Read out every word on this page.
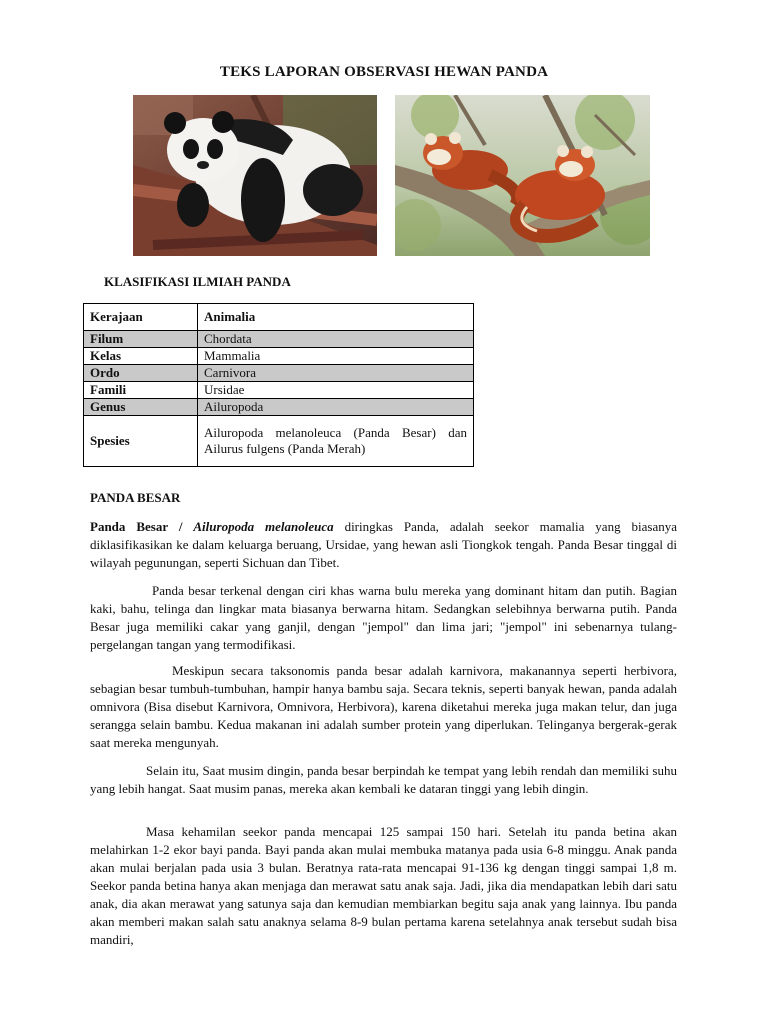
TEKS LAPORAN OBSERVASI HEWAN PANDA
KLASIFIKASI ILMIAH PANDA
Kerajaan	Animalia
Filum	Chordata
Kelas	Mammalia
Ordo	Carnivora
Famili	Ursidae
Genus	Ailuropoda
Spesies	Ailuropoda melanoleuca (Panda Besar) dan Ailurus fulgens (Panda Merah)
PANDA BESAR

Panda Besar / Ailuropoda melanoleuca diringkas Panda, adalah seekor mamalia yang biasanya diklasifikasikan ke dalam keluarga beruang, Ursidae, yang hewan asli Tiongkok tengah. Panda Besar tinggal di wilayah pegunungan, seperti Sichuan dan Tibet.

Panda besar terkenal dengan ciri khas warna bulu mereka yang dominant hitam dan putih. Bagian kaki, bahu, telinga dan lingkar mata biasanya berwarna hitam. Sedangkan selebihnya berwarna putih. Panda Besar juga memiliki cakar yang ganjil, dengan "jempol" dan lima jari; "jempol" ini sebenarnya tulang-pergelangan tangan yang termodifikasi.

Meskipun secara taksonomis panda besar adalah karnivora, makanannya seperti herbivora, sebagian besar tumbuh-tumbuhan, hampir hanya bambu saja. Secara teknis, seperti banyak hewan, panda adalah omnivora (Bisa disebut Karnivora, Omnivora, Herbivora), karena diketahui mereka juga makan telur, dan juga serangga selain bambu. Kedua makanan ini adalah sumber protein yang diperlukan. Telinganya bergerak-gerak saat mereka mengunyah.

Selain itu, Saat musim dingin, panda besar berpindah ke tempat yang lebih rendah dan memiliki suhu yang lebih hangat. Saat musim panas, mereka akan kembali ke dataran tinggi yang lebih dingin.

Masa kehamilan seekor panda mencapai 125 sampai 150 hari. Setelah itu panda betina akan melahirkan 1-2 ekor bayi panda. Bayi panda akan mulai membuka matanya pada usia 6-8 minggu. Anak panda akan mulai berjalan pada usia 3 bulan. Beratnya rata-rata mencapai 91-136 kg dengan tinggi sampai 1,8 m. Seekor panda betina hanya akan menjaga dan merawat satu anak saja. Jadi, jika dia mendapatkan lebih dari satu anak, dia akan merawat yang satunya saja dan kemudian membiarkan begitu saja anak yang lainnya. Ibu panda akan memberi makan salah satu anaknya selama 8-9 bulan pertama karena setelahnya anak tersebut sudah bisa mandiri,
